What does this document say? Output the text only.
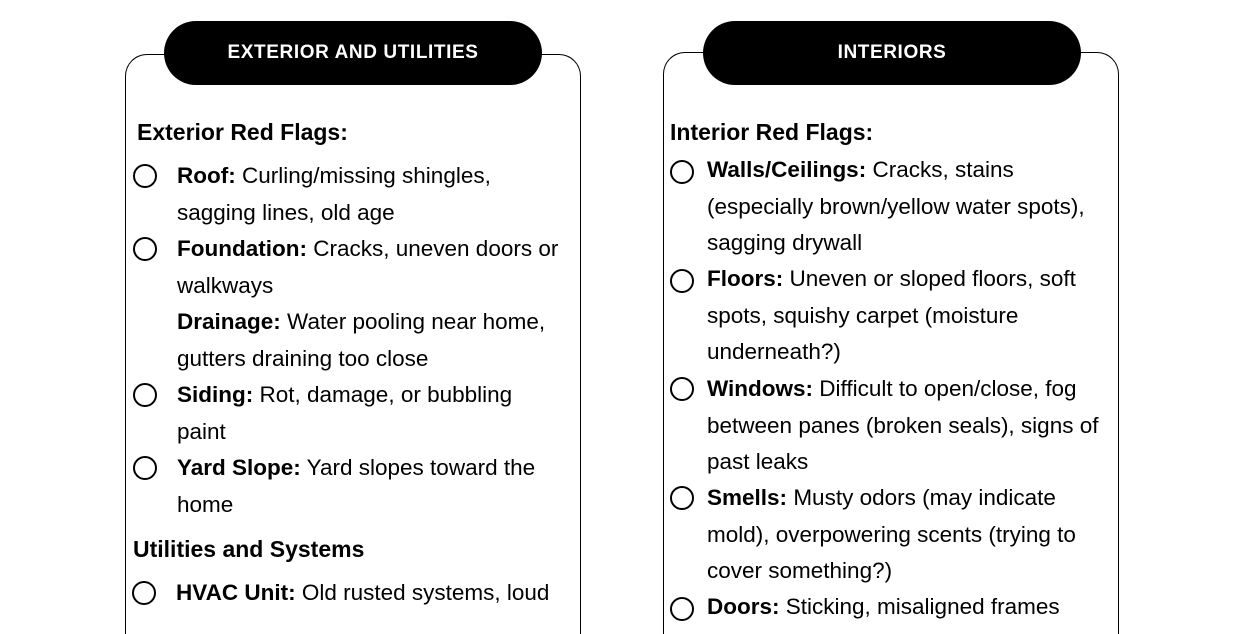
EXTERIOR AND UTILITIES
Exterior Red Flags:
Roof: Curling/missing shingles, sagging lines, old age
Foundation: Cracks, uneven doors or walkways
Drainage: Water pooling near home, gutters draining too close
Siding: Rot, damage, or bubbling paint
Yard Slope: Yard slopes toward the home
Utilities and Systems
HVAC Unit: Old rusted systems, loud
INTERIORS
Interior Red Flags:
Walls/Ceilings: Cracks, stains (especially brown/yellow water spots), sagging drywall
Floors: Uneven or sloped floors, soft spots, squishy carpet (moisture underneath?)
Windows: Difficult to open/close, fog between panes (broken seals), signs of past leaks
Smells: Musty odors (may indicate mold), overpowering scents (trying to cover something?)
Doors: Sticking, misaligned frames
